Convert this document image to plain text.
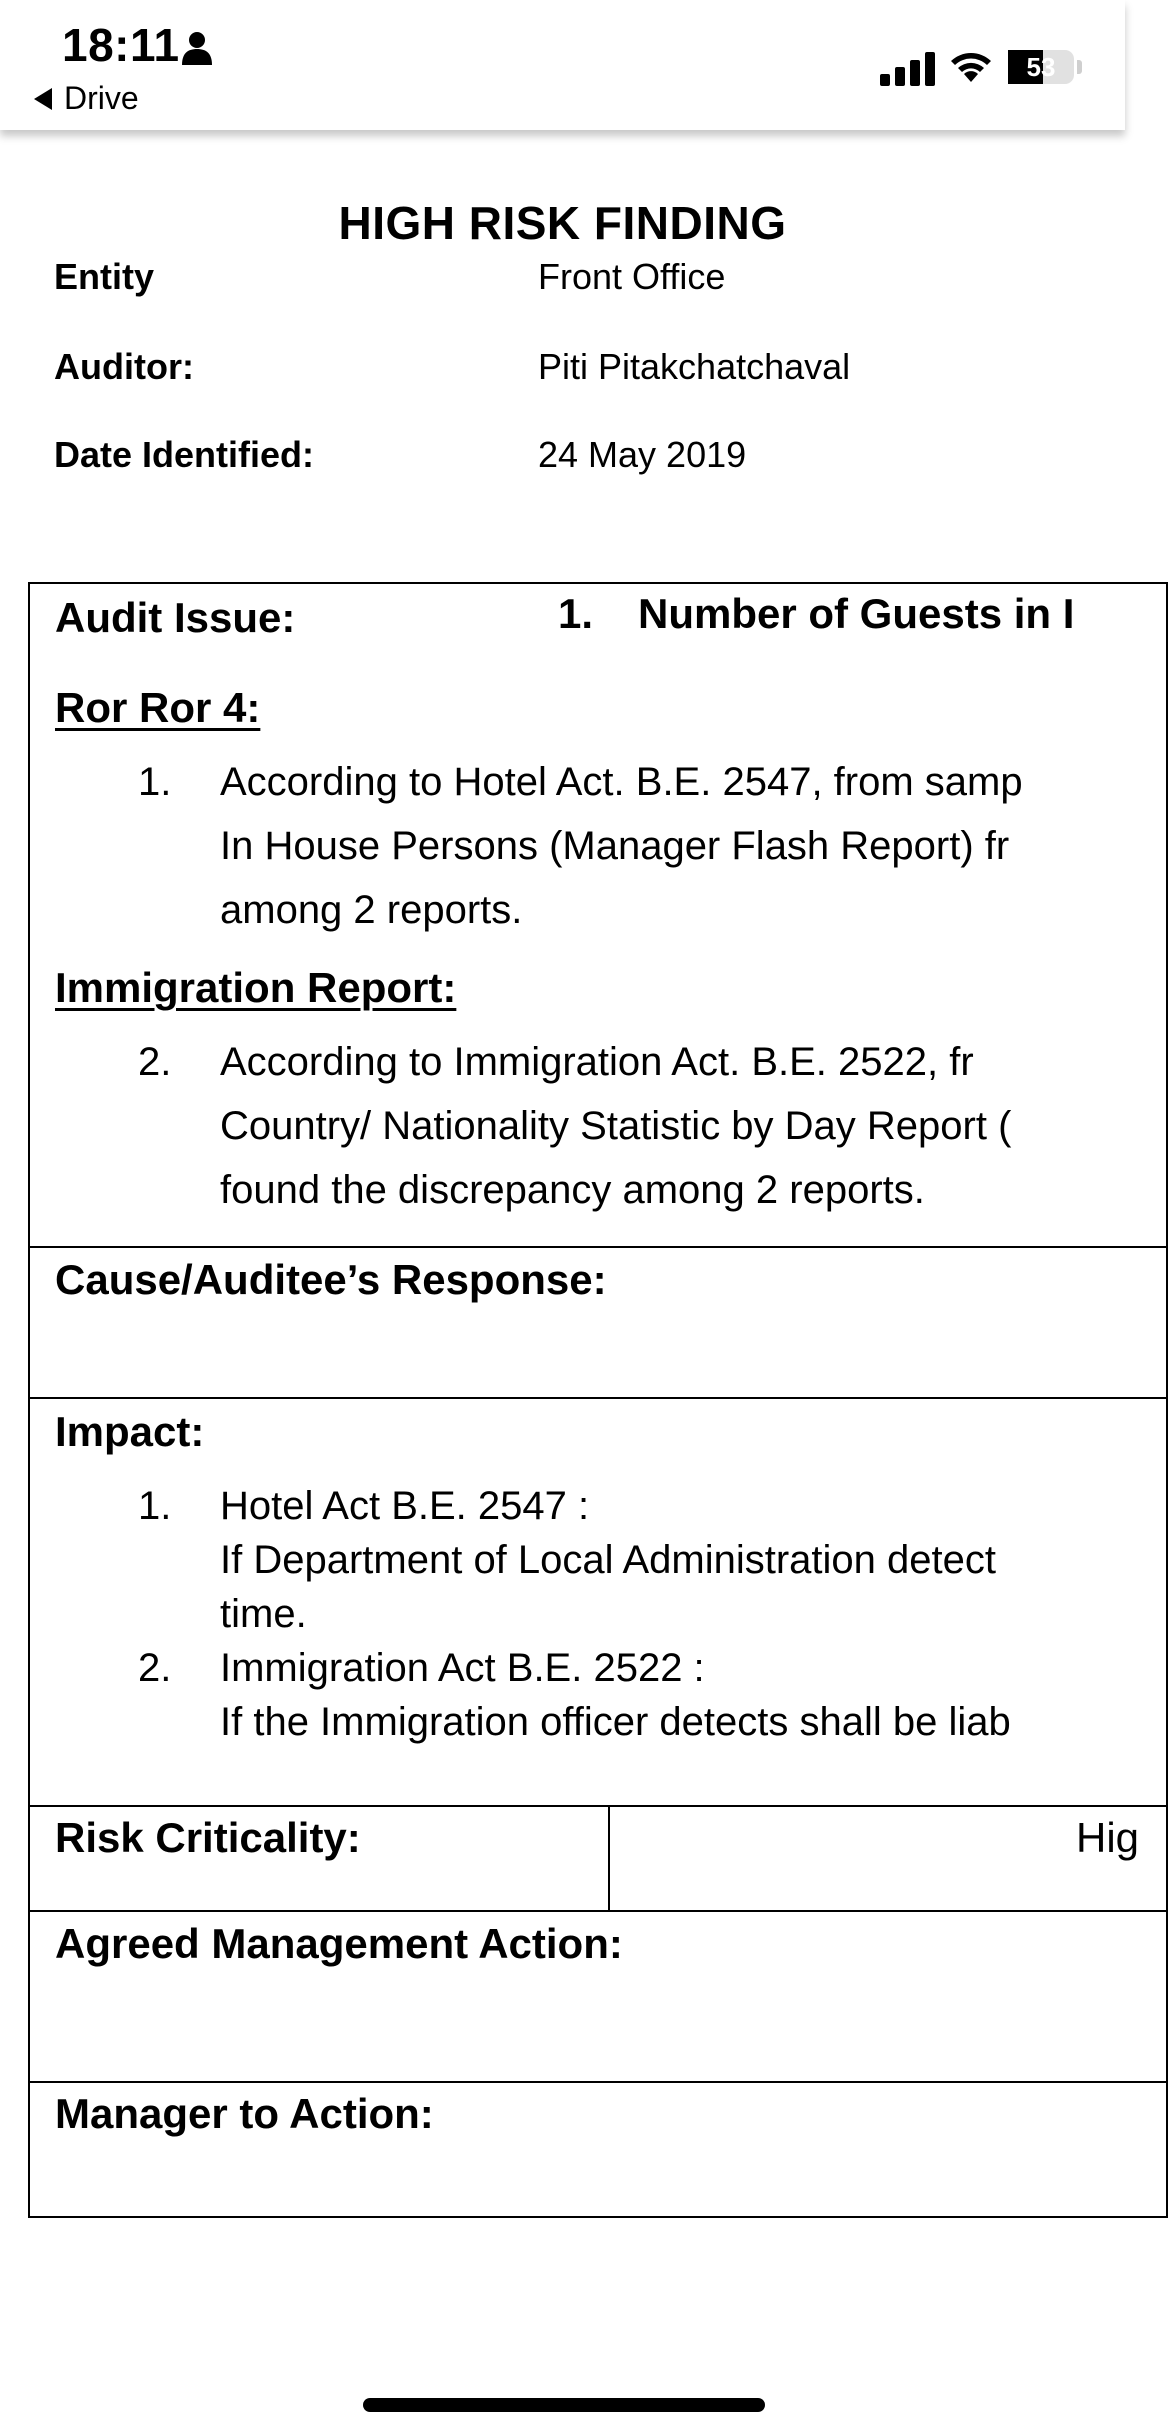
18:11
Drive
53
HIGH RISK FINDING
Entity	Front Office
Auditor:	Piti Pitakchatchaval
Date Identified:	24 May 2019
Audit Issue:	1. Number of Guests in I
Ror Ror 4:
1. According to Hotel Act. B.E. 2547, from samp
In House Persons (Manager Flash Report) fr
among 2 reports.
Immigration Report:
2. According to Immigration Act. B.E. 2522, fr
Country/ Nationality Statistic by Day Report (
found the discrepancy among 2 reports.
Cause/Auditee’s Response:
Impact:
1. Hotel Act B.E. 2547 :
If Department of Local Administration detect
time.
2. Immigration Act B.E. 2522 :
If the Immigration officer detects shall be liab
Risk Criticality:	Hig
Agreed Management Action:
Manager to Action:
